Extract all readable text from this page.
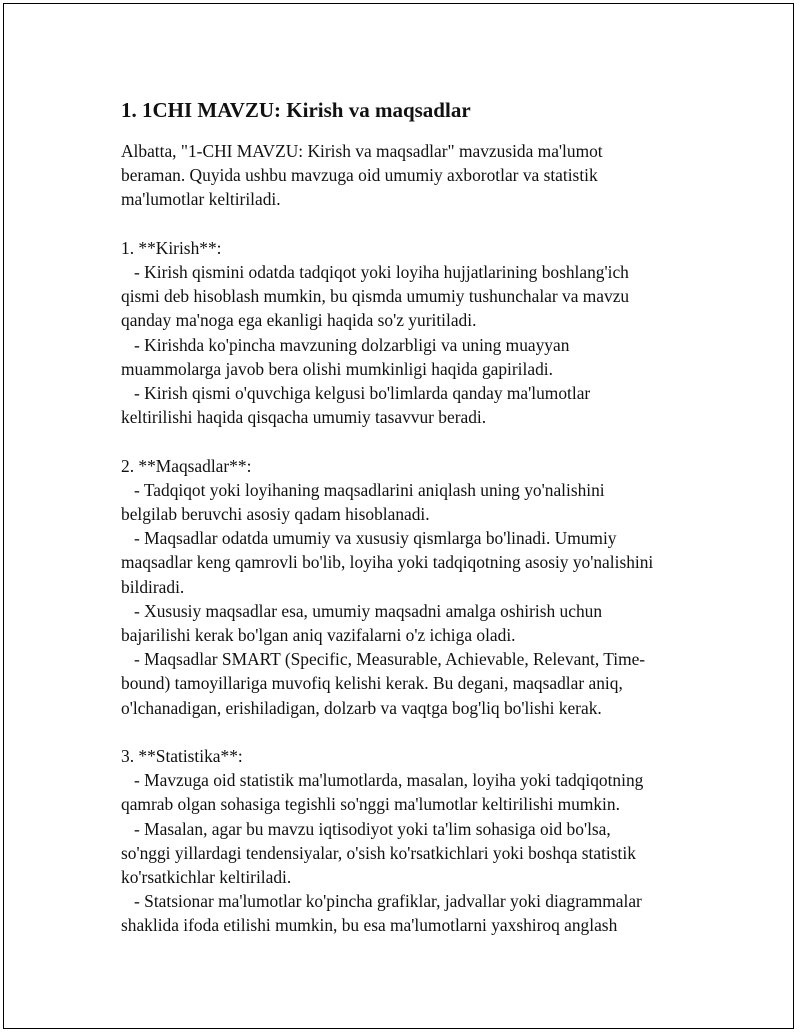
1. 1CHI MAVZU: Kirish va maqsadlar
Albatta, "1-CHI MAVZU: Kirish va maqsadlar" mavzusida ma'lumot
beraman. Quyida ushbu mavzuga oid umumiy axborotlar va statistik
ma'lumotlar keltiriladi.
1. **Kirish**:
- Kirish qismini odatda tadqiqot yoki loyiha hujjatlarining boshlang'ich
qismi deb hisoblash mumkin, bu qismda umumiy tushunchalar va mavzu
qanday ma'noga ega ekanligi haqida so'z yuritiladi.
- Kirishda ko'pincha mavzuning dolzarbligi va uning muayyan
muammolarga javob bera olishi mumkinligi haqida gapiriladi.
- Kirish qismi o'quvchiga kelgusi bo'limlarda qanday ma'lumotlar
keltirilishi haqida qisqacha umumiy tasavvur beradi.
2. **Maqsadlar**:
- Tadqiqot yoki loyihaning maqsadlarini aniqlash uning yo'nalishini
belgilab beruvchi asosiy qadam hisoblanadi.
- Maqsadlar odatda umumiy va xususiy qismlarga bo'linadi. Umumiy
maqsadlar keng qamrovli bo'lib, loyiha yoki tadqiqotning asosiy yo'nalishini
bildiradi.
- Xususiy maqsadlar esa, umumiy maqsadni amalga oshirish uchun
bajarilishi kerak bo'lgan aniq vazifalarni o'z ichiga oladi.
- Maqsadlar SMART (Specific, Measurable, Achievable, Relevant, Time-
bound) tamoyillariga muvofiq kelishi kerak. Bu degani, maqsadlar aniq,
o'lchanadigan, erishiladigan, dolzarb va vaqtga bog'liq bo'lishi kerak.
3. **Statistika**:
- Mavzuga oid statistik ma'lumotlarda, masalan, loyiha yoki tadqiqotning
qamrab olgan sohasiga tegishli so'nggi ma'lumotlar keltirilishi mumkin.
- Masalan, agar bu mavzu iqtisodiyot yoki ta'lim sohasiga oid bo'lsa,
so'nggi yillardagi tendensiyalar, o'sish ko'rsatkichlari yoki boshqa statistik
ko'rsatkichlar keltiriladi.
- Statsionar ma'lumotlar ko'pincha grafiklar, jadvallar yoki diagrammalar
shaklida ifoda etilishi mumkin, bu esa ma'lumotlarni yaxshiroq anglash
